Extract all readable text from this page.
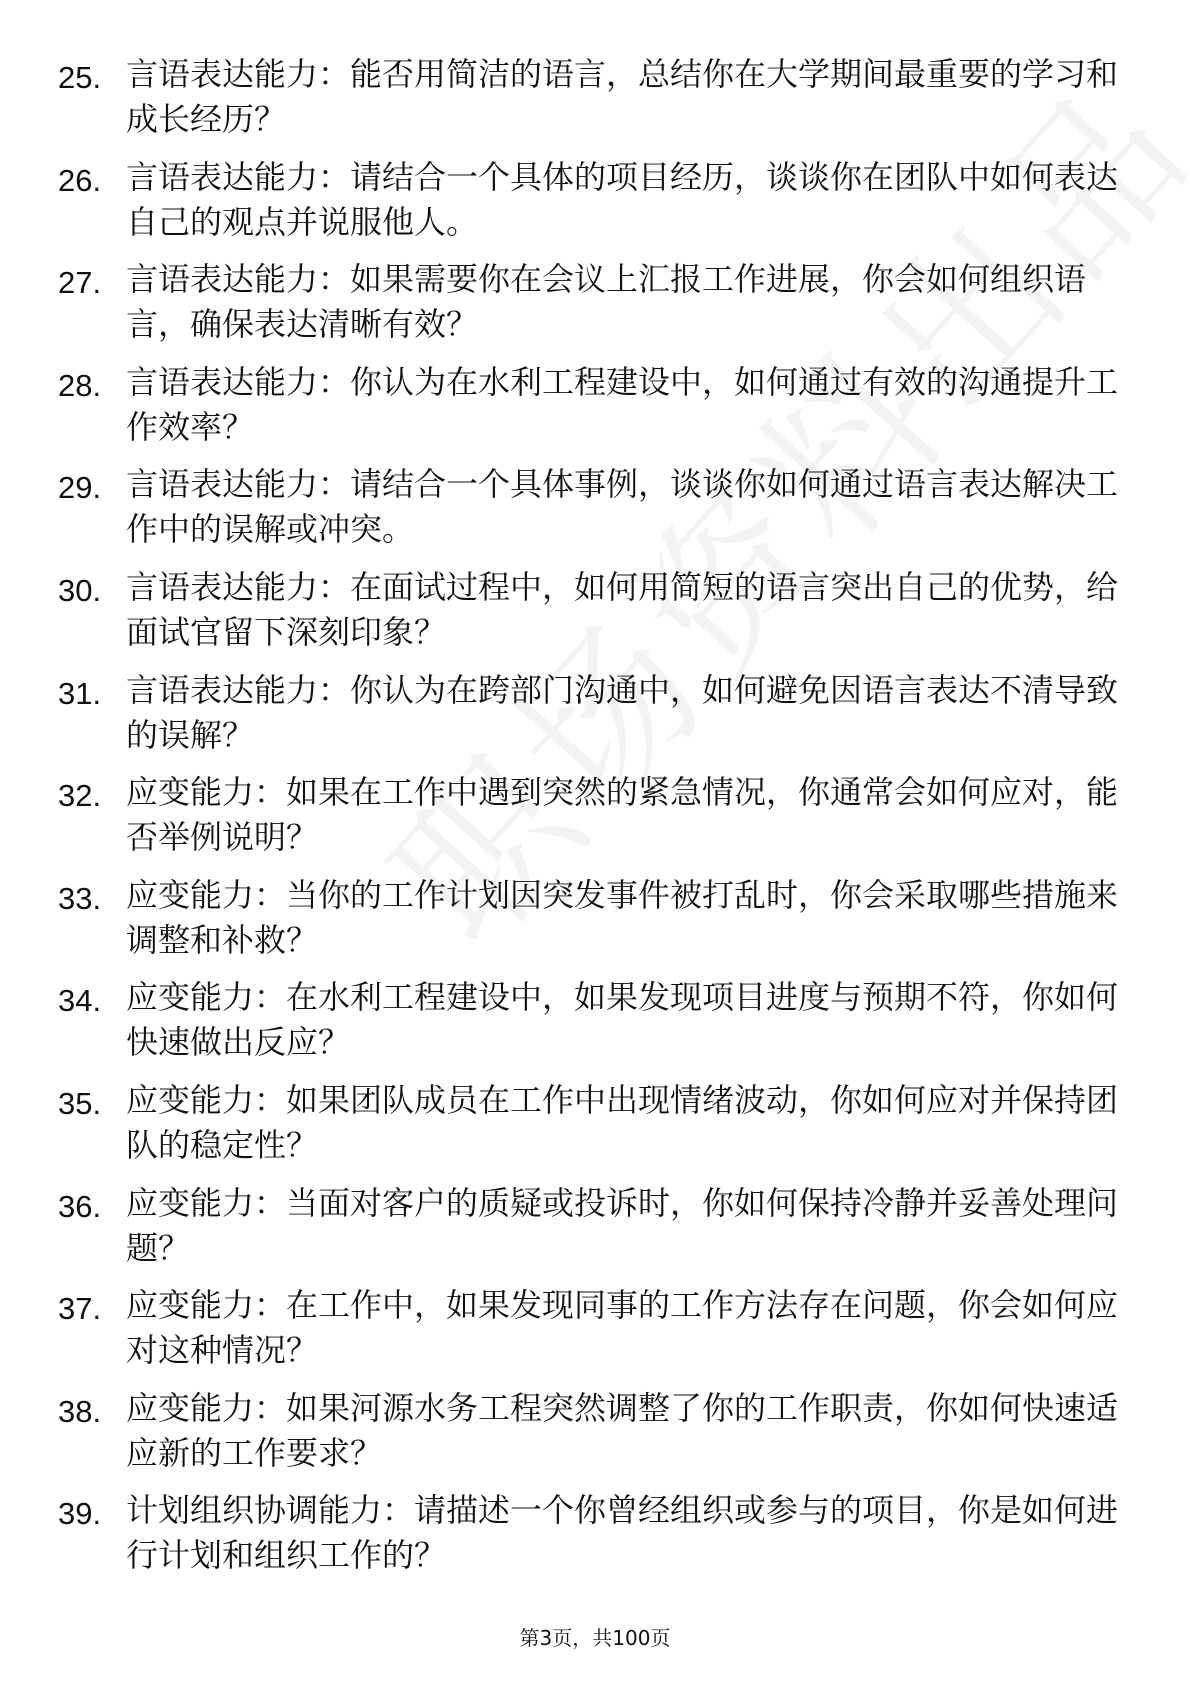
25. 言语表达能力：能否用简洁的语言，总结你在大学期间最重要的学习和成长经历？
26. 言语表达能力：请结合一个具体的项目经历，谈谈你在团队中如何表达自己的观点并说服他人。
27. 言语表达能力：如果需要你在会议上汇报工作进展，你会如何组织语言，确保表达清晰有效？
28. 言语表达能力：你认为在水利工程建设中，如何通过有效的沟通提升工作效率？
29. 言语表达能力：请结合一个具体事例，谈谈你如何通过语言表达解决工作中的误解或冲突。
30. 言语表达能力：在面试过程中，如何用简短的语言突出自己的优势，给面试官留下深刻印象？
31. 言语表达能力：你认为在跨部门沟通中，如何避免因语言表达不清导致的误解？
32. 应变能力：如果在工作中遇到突然的紧急情况，你通常会如何应对，能否举例说明？
33. 应变能力：当你的工作计划因突发事件被打乱时，你会采取哪些措施来调整和补救？
34. 应变能力：在水利工程建设中，如果发现项目进度与预期不符，你如何快速做出反应？
35. 应变能力：如果团队成员在工作中出现情绪波动，你如何应对并保持团队的稳定性？
36. 应变能力：当面对客户的质疑或投诉时，你如何保持冷静并妥善处理问题？
37. 应变能力：在工作中，如果发现同事的工作方法存在问题，你会如何应对这种情况？
38. 应变能力：如果河源水务工程突然调整了你的工作职责，你如何快速适应新的工作要求？
39. 计划组织协调能力：请描述一个你曾经组织或参与的项目，你是如何进行计划和组织工作的？
第3页，共100页
